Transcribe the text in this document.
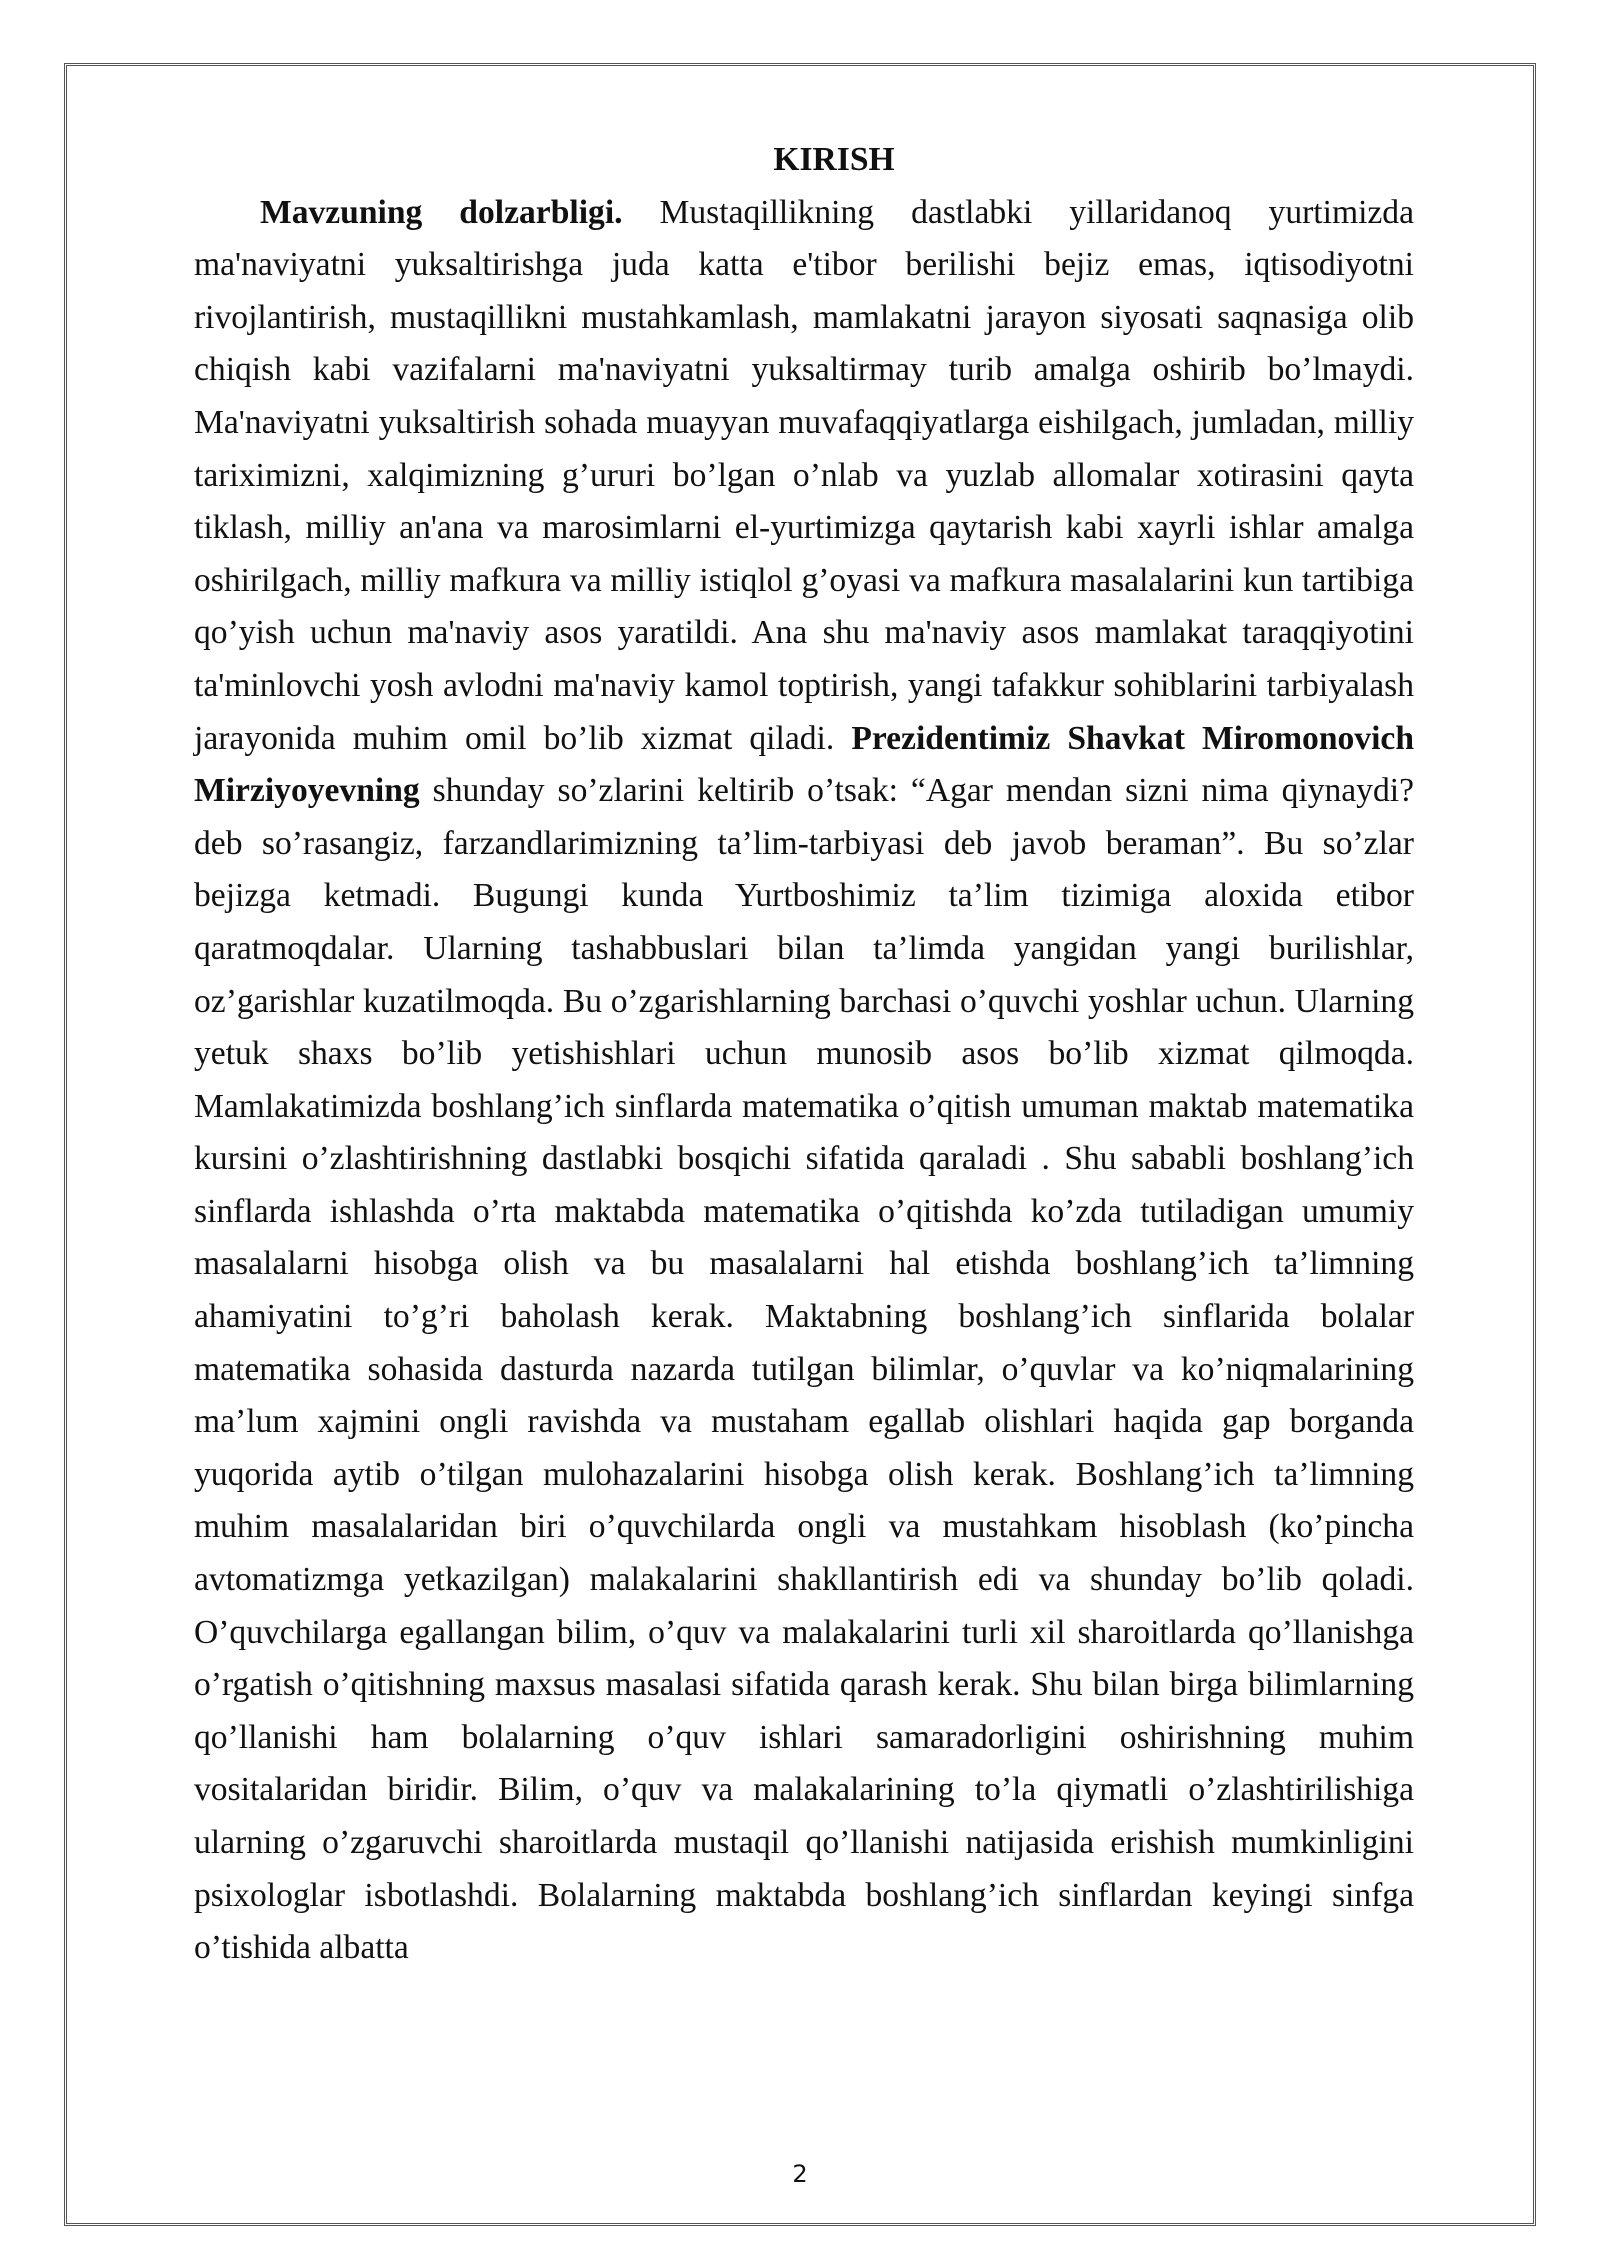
KIRISH

Mavzuning dolzarbligi. Mustaqillikning dastlabki yillaridanoq yurtimizda ma'naviyatni yuksaltirishga juda katta e'tibor berilishi bejiz emas, iqtisodiyotni rivojlantirish, mustaqillikni mustahkamlash, mamlakatni jarayon siyosati saqnasiga olib chiqish kabi vazifalarni ma'naviyatni yuksaltirmay turib amalga oshirib bo’lmaydi. Ma'naviyatni yuksaltirish sohada muayyan muvafaqqiyatlarga eishilgach, jumladan, milliy tariximizni, xalqimizning g’ururi bo’lgan o’nlab va yuzlab allomalar xotirasini qayta tiklash, milliy an'ana va marosimlarni el-yurtimizga qaytarish kabi xayrli ishlar amalga oshirilgach, milliy mafkura va milliy istiqlol g’oyasi va mafkura masalalarini kun tartibiga qo’yish uchun ma'naviy asos yaratildi. Ana shu ma'naviy asos mamlakat taraqqiyotini ta'minlovchi yosh avlodni ma'naviy kamol toptirish, yangi tafakkur sohiblarini tarbiyalash jarayonida muhim omil bo’lib xizmat qiladi. Prezidentimiz Shavkat Miromonovich Mirziyoyevning shunday so’zlarini keltirib o’tsak: “Agar mendan sizni nima qiynaydi? deb so’rasangiz, farzandlarimizning ta’lim-tarbiyasi deb javob beraman”. Bu so’zlar bejizga ketmadi. Bugungi kunda Yurtboshimiz ta’lim tizimiga aloxida etibor qaratmoqdalar. Ularning tashabbuslari bilan ta’limda yangidan yangi burilishlar, oz’garishlar kuzatilmoqda. Bu o’zgarishlarning barchasi o’quvchi yoshlar uchun. Ularning yetuk shaxs bo’lib yetishishlari uchun munosib asos bo’lib xizmat qilmoqda. Mamlakatimizda boshlang’ich sinflarda matematika o’qitish umuman maktab matematika kursini o’zlashtirishning dastlabki bosqichi sifatida qaraladi . Shu sababli boshlang’ich sinflarda ishlashda o’rta maktabda matematika o’qitishda ko’zda tutiladigan umumiy masalalarni hisobga olish va bu masalalarni hal etishda boshlang’ich ta’limning ahamiyatini to’g’ri baholash kerak. Maktabning boshlang’ich sinflarida bolalar matematika sohasida dasturda nazarda tutilgan bilimlar, o’quvlar va ko’niqmalarining ma’lum xajmini ongli ravishda va mustaham egallab olishlari haqida gap borganda yuqorida aytib o’tilgan mulohazalarini hisobga olish kerak. Boshlang’ich ta’limning muhim masalalaridan biri o’quvchilarda ongli va mustahkam hisoblash (ko’pincha avtomatizmga yetkazilgan) malakalarini shakllantirish edi va shunday bo’lib qoladi. O’quvchilarga egallangan bilim, o’quv va malakalarini turli xil sharoitlarda qo’llanishga o’rgatish o’qitishning maxsus masalasi sifatida qarash kerak. Shu bilan birga bilimlarning qo’llanishi ham bolalarning o’quv ishlari samaradorligini oshirishning muhim vositalaridan biridir. Bilim, o’quv va malakalarining to’la qiymatli o’zlashtirilishiga ularning o’zgaruvchi sharoitlarda mustaqil qo’llanishi natijasida erishish mumkinligini psixologlar isbotlashdi. Bolalarning maktabda boshlang’ich sinflardan keyingi sinfga o’tishida albatta

2
